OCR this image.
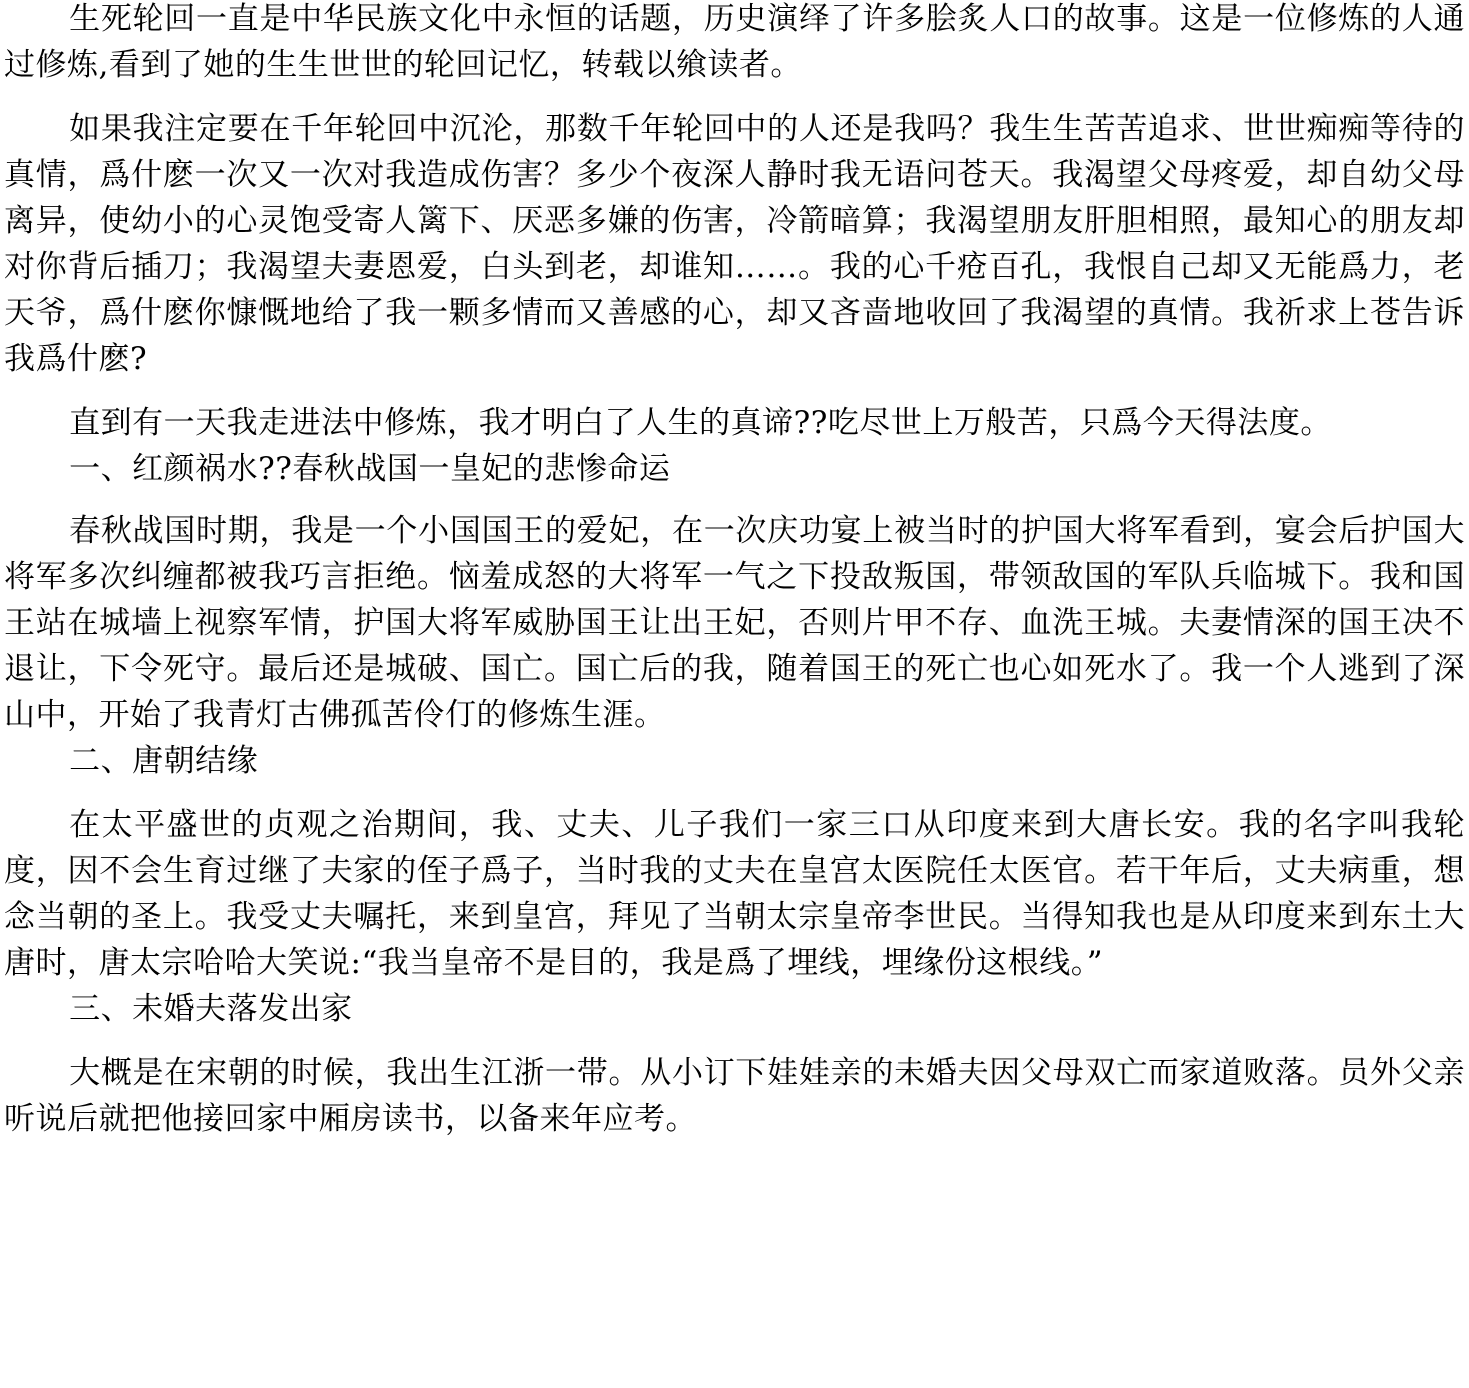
生死轮回一直是中华民族文化中永恒的话题，历史演绎了许多脍炙人口的故事。这是一位修炼的人通过修炼,看到了她的生生世世的轮回记忆，转载以飨读者。

如果我注定要在千年轮回中沉沦，那数千年轮回中的人还是我吗？我生生苦苦追求、世世痴痴等待的真情，爲什麽一次又一次对我造成伤害？多少个夜深人静时我无语问苍天。我渴望父母疼爱，却自幼父母离异，使幼小的心灵饱受寄人篱下、厌恶多嫌的伤害，冷箭暗算；我渴望朋友肝胆相照，最知心的朋友却对你背后插刀；我渴望夫妻恩爱，白头到老，却谁知……。我的心千疮百孔，我恨自己却又无能爲力，老天爷，爲什麽你慷慨地给了我一颗多情而又善感的心，却又吝啬地收回了我渴望的真情。我祈求上苍告诉我爲什麽?

直到有一天我走进法中修炼，我才明白了人生的真谛??吃尽世上万般苦，只爲今天得法度。

一、红颜祸水??春秋战国一皇妃的悲惨命运

春秋战国时期，我是一个小国国王的爱妃，在一次庆功宴上被当时的护国大将军看到，宴会后护国大将军多次纠缠都被我巧言拒绝。恼羞成怒的大将军一气之下投敌叛国，带领敌国的军队兵临城下。我和国王站在城墙上视察军情，护国大将军威胁国王让出王妃，否则片甲不存、血洗王城。夫妻情深的国王决不退让，下令死守。最后还是城破、国亡。国亡后的我，随着国王的死亡也心如死水了。我一个人逃到了深山中，开始了我青灯古佛孤苦伶仃的修炼生涯。

二、唐朝结缘

在太平盛世的贞观之治期间，我、丈夫、儿子我们一家三口从印度来到大唐长安。我的名字叫我轮度，因不会生育过继了夫家的侄子爲子，当时我的丈夫在皇宫太医院任太医官。若干年后，丈夫病重，想念当朝的圣上。我受丈夫嘱托，来到皇宫，拜见了当朝太宗皇帝李世民。当得知我也是从印度来到东土大唐时，唐太宗哈哈大笑说:“我当皇帝不是目的，我是爲了埋线，埋缘份这根线。”

三、未婚夫落发出家

大概是在宋朝的时候，我出生江浙一带。从小订下娃娃亲的未婚夫因父母双亡而家道败落。员外父亲听说后就把他接回家中厢房读书，以备来年应考。
